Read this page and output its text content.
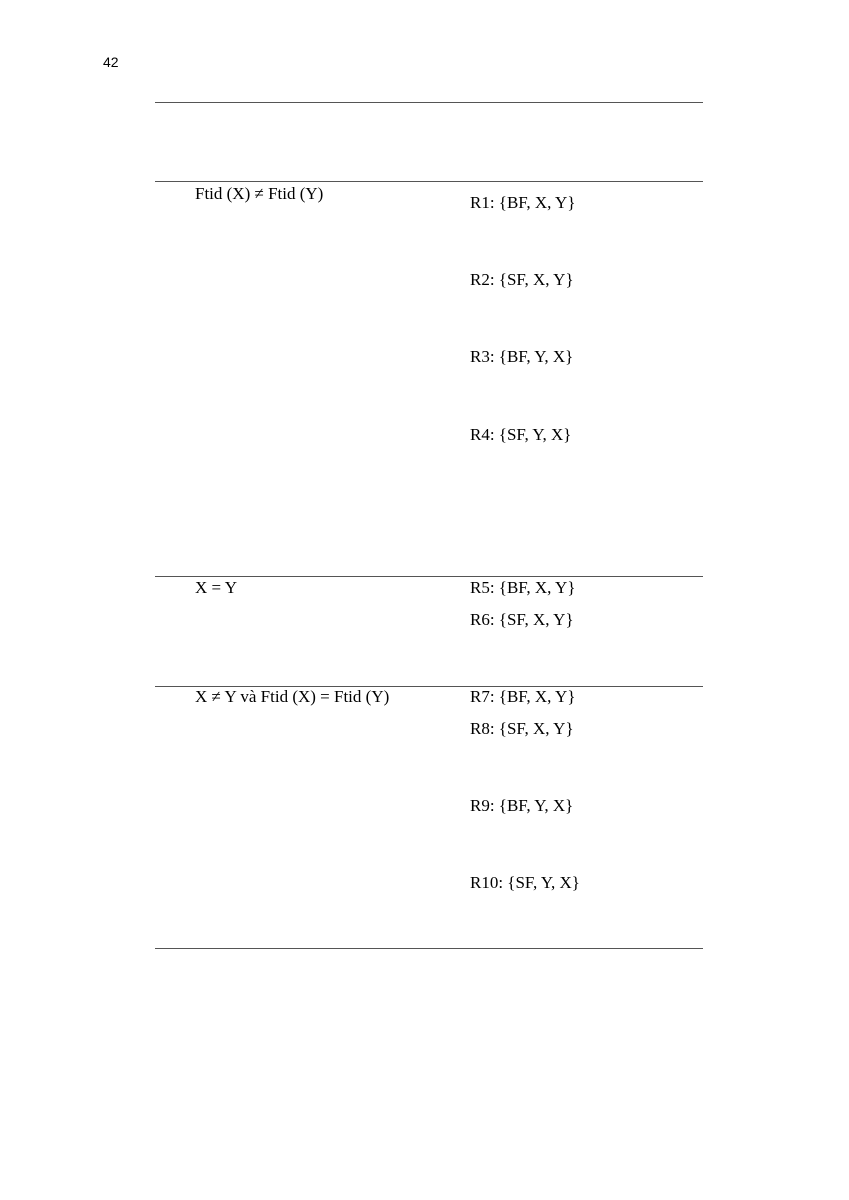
42
Ftid (X) ≠ Ftid (Y)	R1: {BF, X, Y}
R2: {SF, X, Y}
R3: {BF, Y, X}
R4: {SF, Y, X}
X = Y	R5: {BF, X, Y}
R6: {SF, X, Y}
X ≠ Y và Ftid (X) = Ftid (Y)	R7: {BF, X, Y}
R8: {SF, X, Y}
R9: {BF, Y, X}
R10: {SF, Y, X}
